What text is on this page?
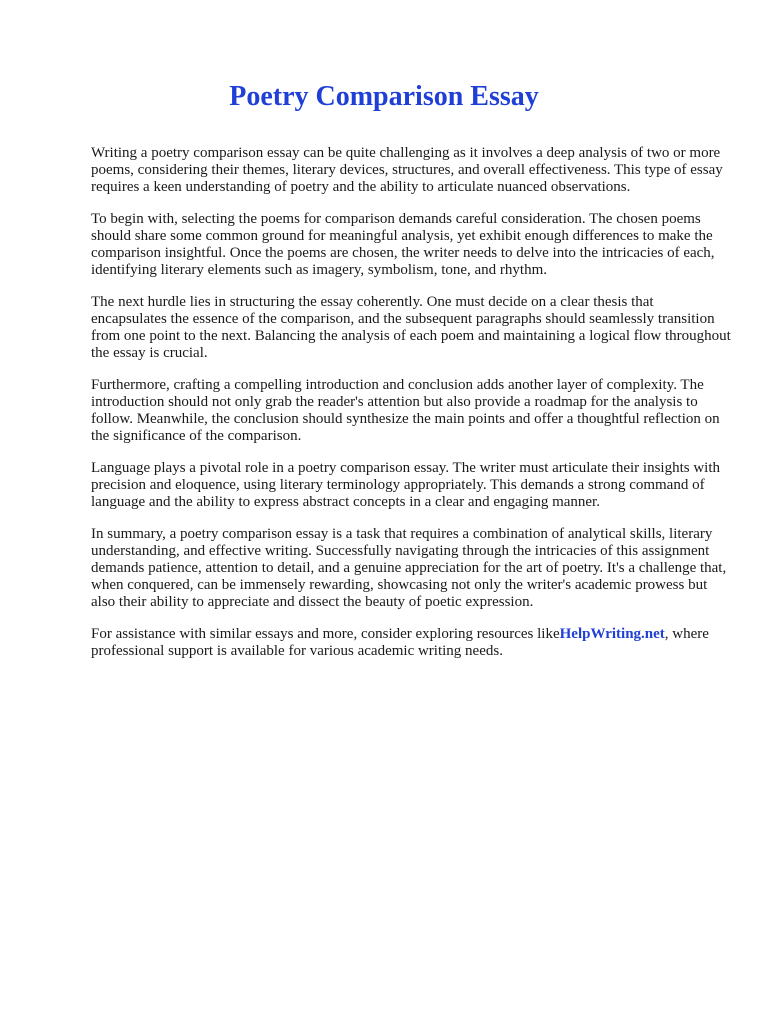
Poetry Comparison Essay

Writing a poetry comparison essay can be quite challenging as it involves a deep analysis of two or more poems, considering their themes, literary devices, structures, and overall effectiveness. This type of essay requires a keen understanding of poetry and the ability to articulate nuanced observations.

To begin with, selecting the poems for comparison demands careful consideration. The chosen poems should share some common ground for meaningful analysis, yet exhibit enough differences to make the comparison insightful. Once the poems are chosen, the writer needs to delve into the intricacies of each, identifying literary elements such as imagery, symbolism, tone, and rhythm.

The next hurdle lies in structuring the essay coherently. One must decide on a clear thesis that encapsulates the essence of the comparison, and the subsequent paragraphs should seamlessly transition from one point to the next. Balancing the analysis of each poem and maintaining a logical flow throughout the essay is crucial.

Furthermore, crafting a compelling introduction and conclusion adds another layer of complexity. The introduction should not only grab the reader's attention but also provide a roadmap for the analysis to follow. Meanwhile, the conclusion should synthesize the main points and offer a thoughtful reflection on the significance of the comparison.

Language plays a pivotal role in a poetry comparison essay. The writer must articulate their insights with precision and eloquence, using literary terminology appropriately. This demands a strong command of language and the ability to express abstract concepts in a clear and engaging manner.

In summary, a poetry comparison essay is a task that requires a combination of analytical skills, literary understanding, and effective writing. Successfully navigating through the intricacies of this assignment demands patience, attention to detail, and a genuine appreciation for the art of poetry. It's a challenge that, when conquered, can be immensely rewarding, showcasing not only the writer's academic prowess but also their ability to appreciate and dissect the beauty of poetic expression.

For assistance with similar essays and more, consider exploring resources likeHelpWriting.net, where professional support is available for various academic writing needs.
